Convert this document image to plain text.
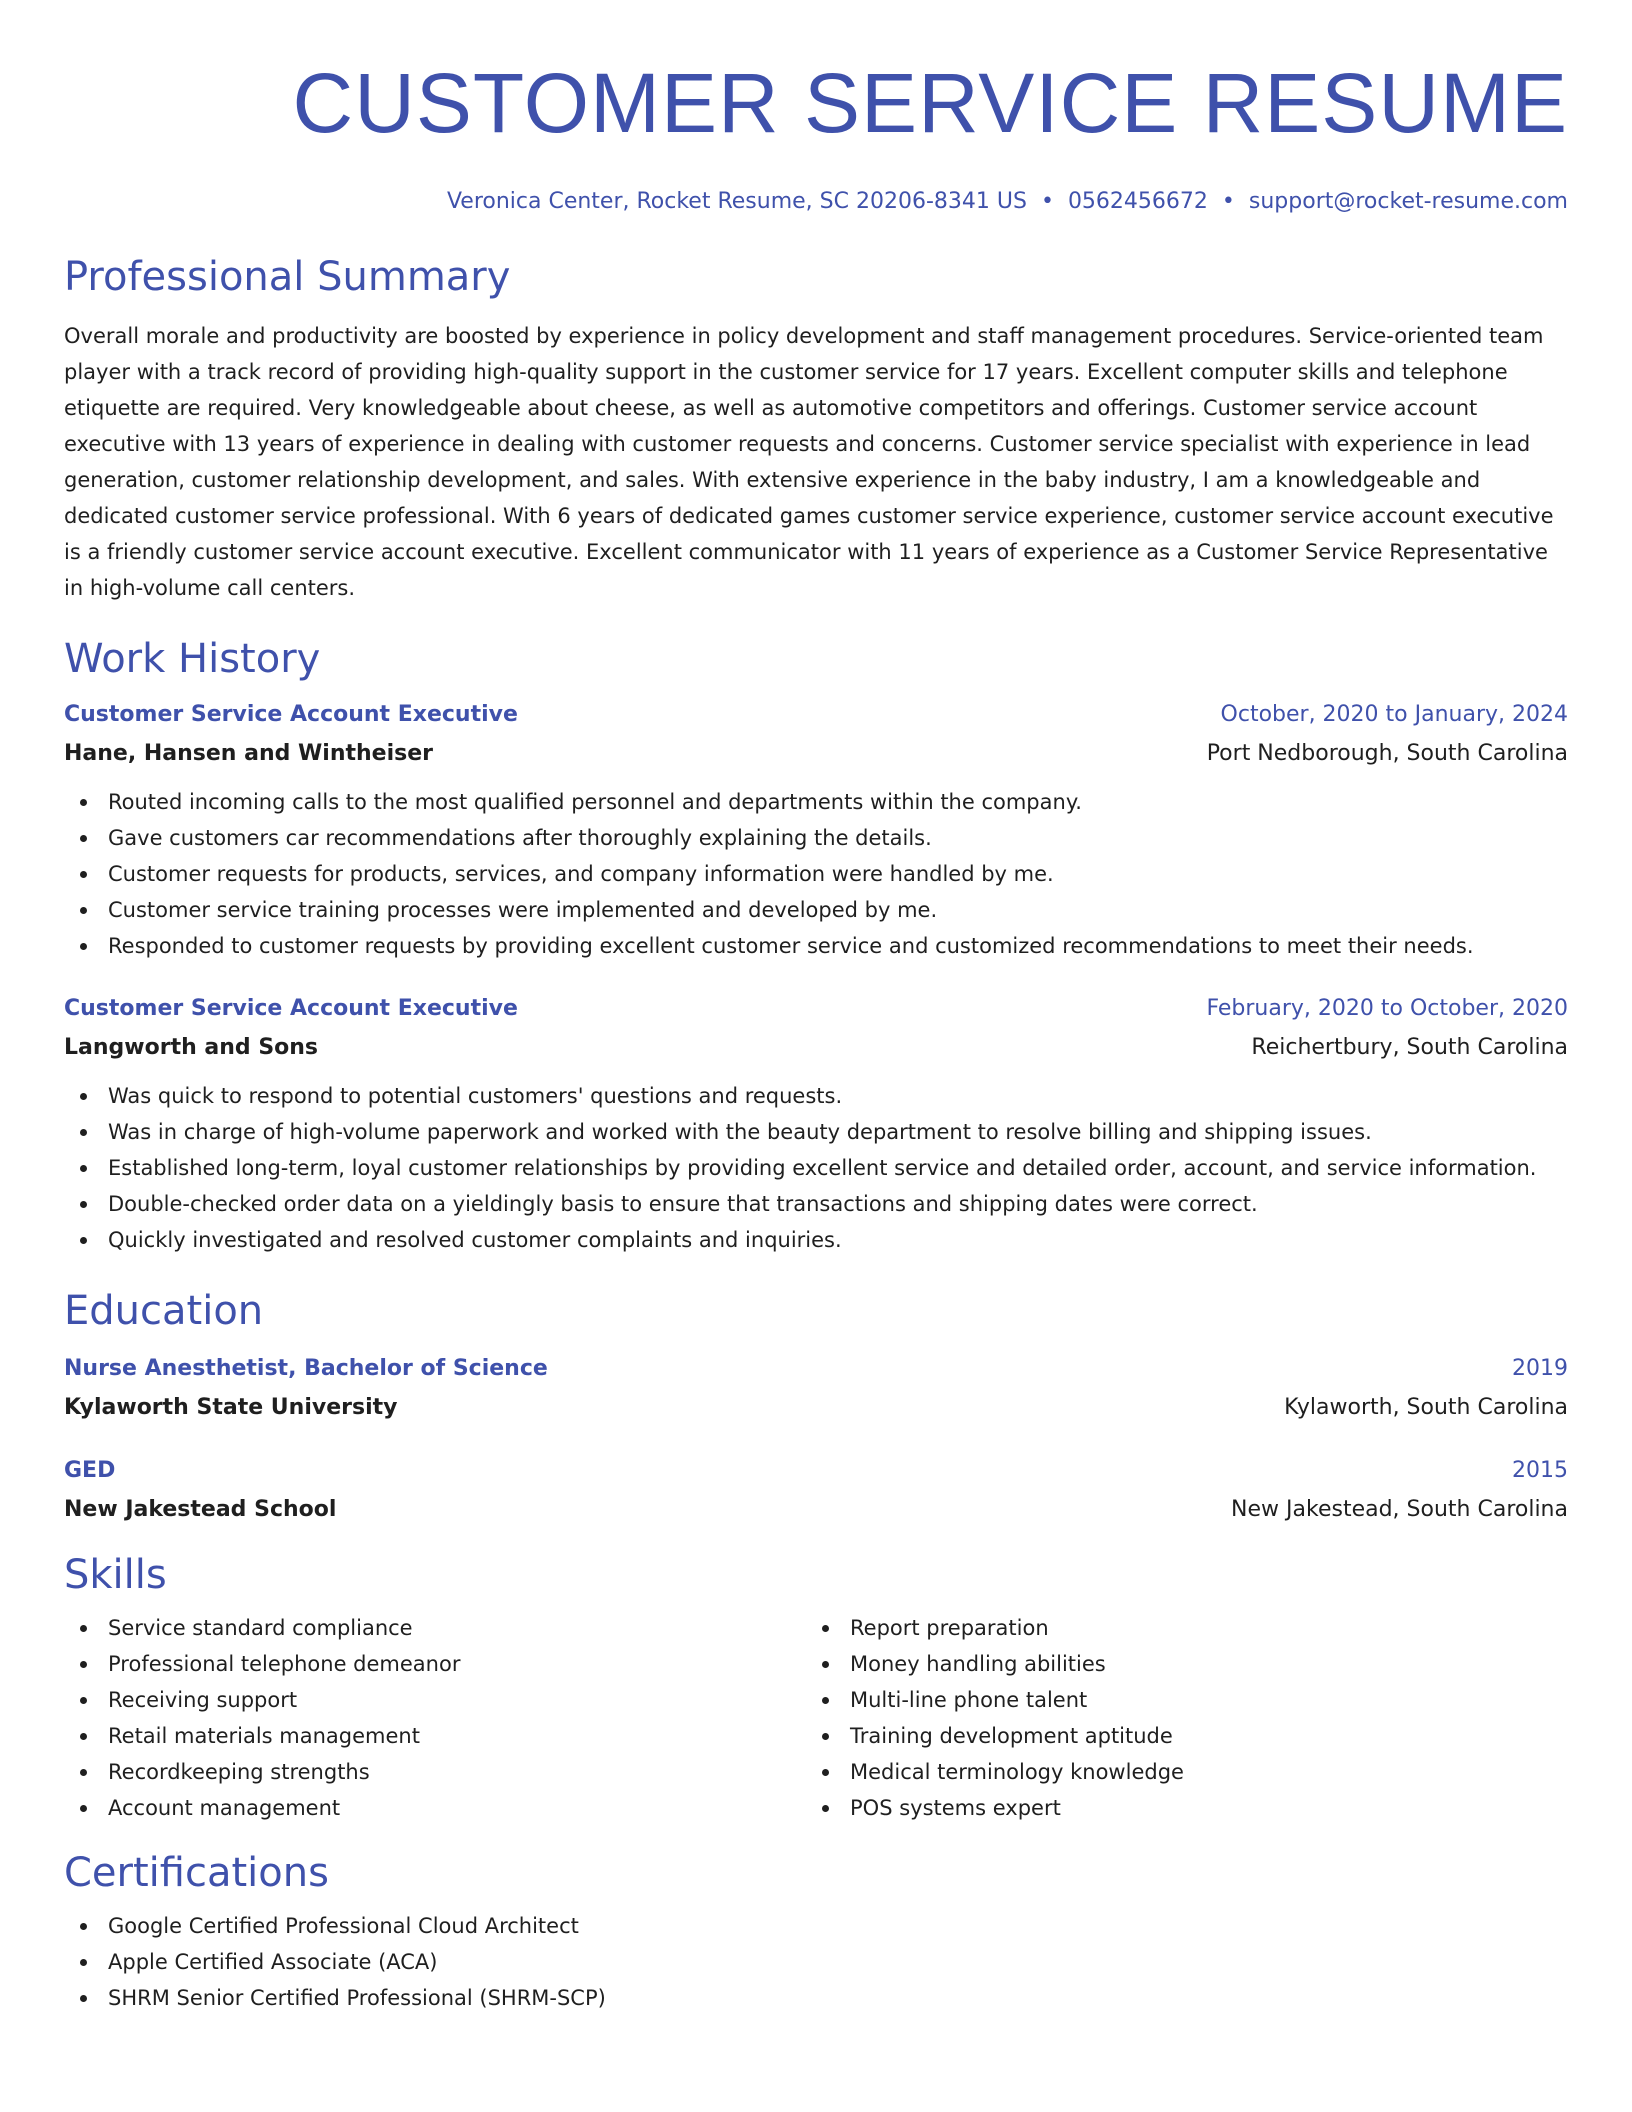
CUSTOMER SERVICE RESUME
Veronica Center, Rocket Resume, SC 20206-8341 US • 0562456672 • support@rocket-resume.com
Professional Summary

Overall morale and productivity are boosted by experience in policy development and staff management procedures. Service-oriented team player with a track record of providing high-quality support in the customer service for 17 years. Excellent computer skills and telephone etiquette are required. Very knowledgeable about cheese, as well as automotive competitors and offerings. Customer service account executive with 13 years of experience in dealing with customer requests and concerns. Customer service specialist with experience in lead generation, customer relationship development, and sales. With extensive experience in the baby industry, I am a knowledgeable and dedicated customer service professional. With 6 years of dedicated games customer service experience, customer service account executive is a friendly customer service account executive. Excellent communicator with 11 years of experience as a Customer Service Representative in high-volume call centers.

Work History
Customer Service Account Executive	October, 2020 to January, 2024
Hane, Hansen and Wintheiser	Port Nedborough, South Carolina
Routed incoming calls to the most qualified personnel and departments within the company.
Gave customers car recommendations after thoroughly explaining the details.
Customer requests for products, services, and company information were handled by me.
Customer service training processes were implemented and developed by me.
Responded to customer requests by providing excellent customer service and customized recommendations to meet their needs.
Customer Service Account Executive	February, 2020 to October, 2020
Langworth and Sons	Reichertbury, South Carolina
Was quick to respond to potential customers' questions and requests.
Was in charge of high-volume paperwork and worked with the beauty department to resolve billing and shipping issues.
Established long-term, loyal customer relationships by providing excellent service and detailed order, account, and service information.
Double-checked order data on a yieldingly basis to ensure that transactions and shipping dates were correct.
Quickly investigated and resolved customer complaints and inquiries.
Education
Nurse Anesthetist, Bachelor of Science	2019
Kylaworth State University	Kylaworth, South Carolina
GED	2015
New Jakestead School	New Jakestead, South Carolina
Skills
Service standard compliance
Professional telephone demeanor
Receiving support
Retail materials management
Recordkeeping strengths
Account management
Report preparation
Money handling abilities
Multi-line phone talent
Training development aptitude
Medical terminology knowledge
POS systems expert
Certifications
Google Certified Professional Cloud Architect
Apple Certified Associate (ACA)
SHRM Senior Certified Professional (SHRM-SCP)
